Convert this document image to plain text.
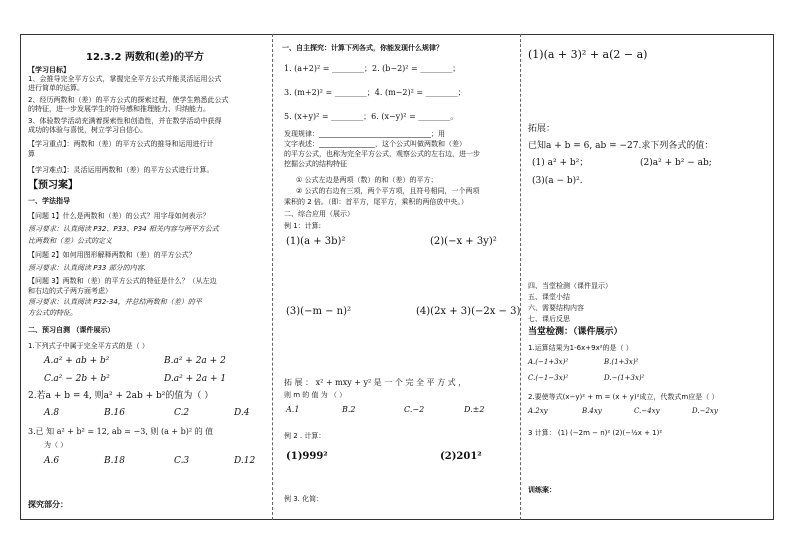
12.3.2 两数和(差)的平方
【学习目标】
1、会推导完全平方公式，掌握完全平方公式并能灵活运用公式
进行简单的运算。
2、经历两数和（差）的平方公式的探索过程，使学生熟悉此公式
的特征，进一步发展学生的符号感和推理能力、归纳能力。
3、体验数学活动充满着探索性和创造性，并在数学活动中获得
成功的体验与喜悦，树立学习自信心。
【学习重点】：两数和（差）的平方公式的推导和运用进行计
算
【学习难点】：灵活运用两数和（差）的平方公式进行计算。
【预习案】
一、学法指导
【问题 1】什么是两数和（差）的公式？用字母如何表示？
预习要求：认真阅读 P32、P33、P34 相关内容与两平方公式
比两数和（差）公式的定义
【问题 2】如何用图形解释两数和（差）的平方公式？
预习要求：认真阅读 P33 部分的内容.
【问题 3】两数和（差）的平方公式的特征是什么？（从左边
和右边的式子两方面考虑）
预习要求：认真阅读 P32-34，并总结两数和（差）的平
方公式的特征。
二、预习自测 （课件展示）
1.下列式子中属于完全平方式的是（ ）
A.a² + ab + b²	B.a² + 2a + 2
C.a² − 2b + b²	D.a² + 2a + 1
2.若a + b = 4, 则a² + 2ab + b²的值为（ ）
A.8	B.16	C.2	D.4
3.已 知 a² + b² = 12, ab = −3, 则 (a + b)² 的 值
为（ ）
A.6	B.18	C.3	D.12
探究部分：
一、自主探究：计算下列各式，你能发现什么规律？
1. (a+2)² = ________；2. (b−2)² = ________；
3. (m+2)² = ________；4. (m−2)² = ________；
5. (x+y)² = ________；6. (x−y)² = ________。
发现规律：________________________________；用
文字表述：________________，这个公式叫做两数和（差）
的平方公式，也称为完全平方公式，观察公式的左右边，进一步
挖掘公式的结构特征
① 公式左边是两项（数）的和（差）的平方；
② 公式的右边有三项，两个平方项，且符号相同，一个两项
乘积的 2 倍。（即：首平方，尾平方，乘积的两倍放中央。）
二、综合应用（展示）
例 1：计算:
(1)(a + 3b)²	(2)(−x + 3y)²
(3)(−m − n)²	(4)(2x + 3)(−2x − 3)
拓 展 ： x² + mxy + y² 是 一 个 完 全 平 方 式 ，
则 m 的 值 为 （ ）
A.1	B.2	C.−2	D.±2
例 2 . 计算：
(1)999²	(2)201²
例 3. 化简：
(1)(a + 3)² + a(2 − a)
拓展：
已知a + b = 6, ab = −27.求下列各式的值：
(1) a² + b²；	(2)a² + b² − ab;
(3)(a − b)².
四、当堂检测（课件显示）
五、课堂小结
六、需要结构内容
七、课后反思
当堂检测：（课件展示）
1.运算结果为1-6x+9x²的是（ ）
A.(−1+3x)²	B.(1+3x)²
C.(−1−3x)²	D.−(1+3x)²
2.要使等式(x−y)² + m = (x + y)²成立，代数式m应是（ ）
A.2xy	B.4xy	C.−4xy	D.−2xy
3 计算： (1) (−2m − n)² (2)(−½x + 1)²
训练案：
